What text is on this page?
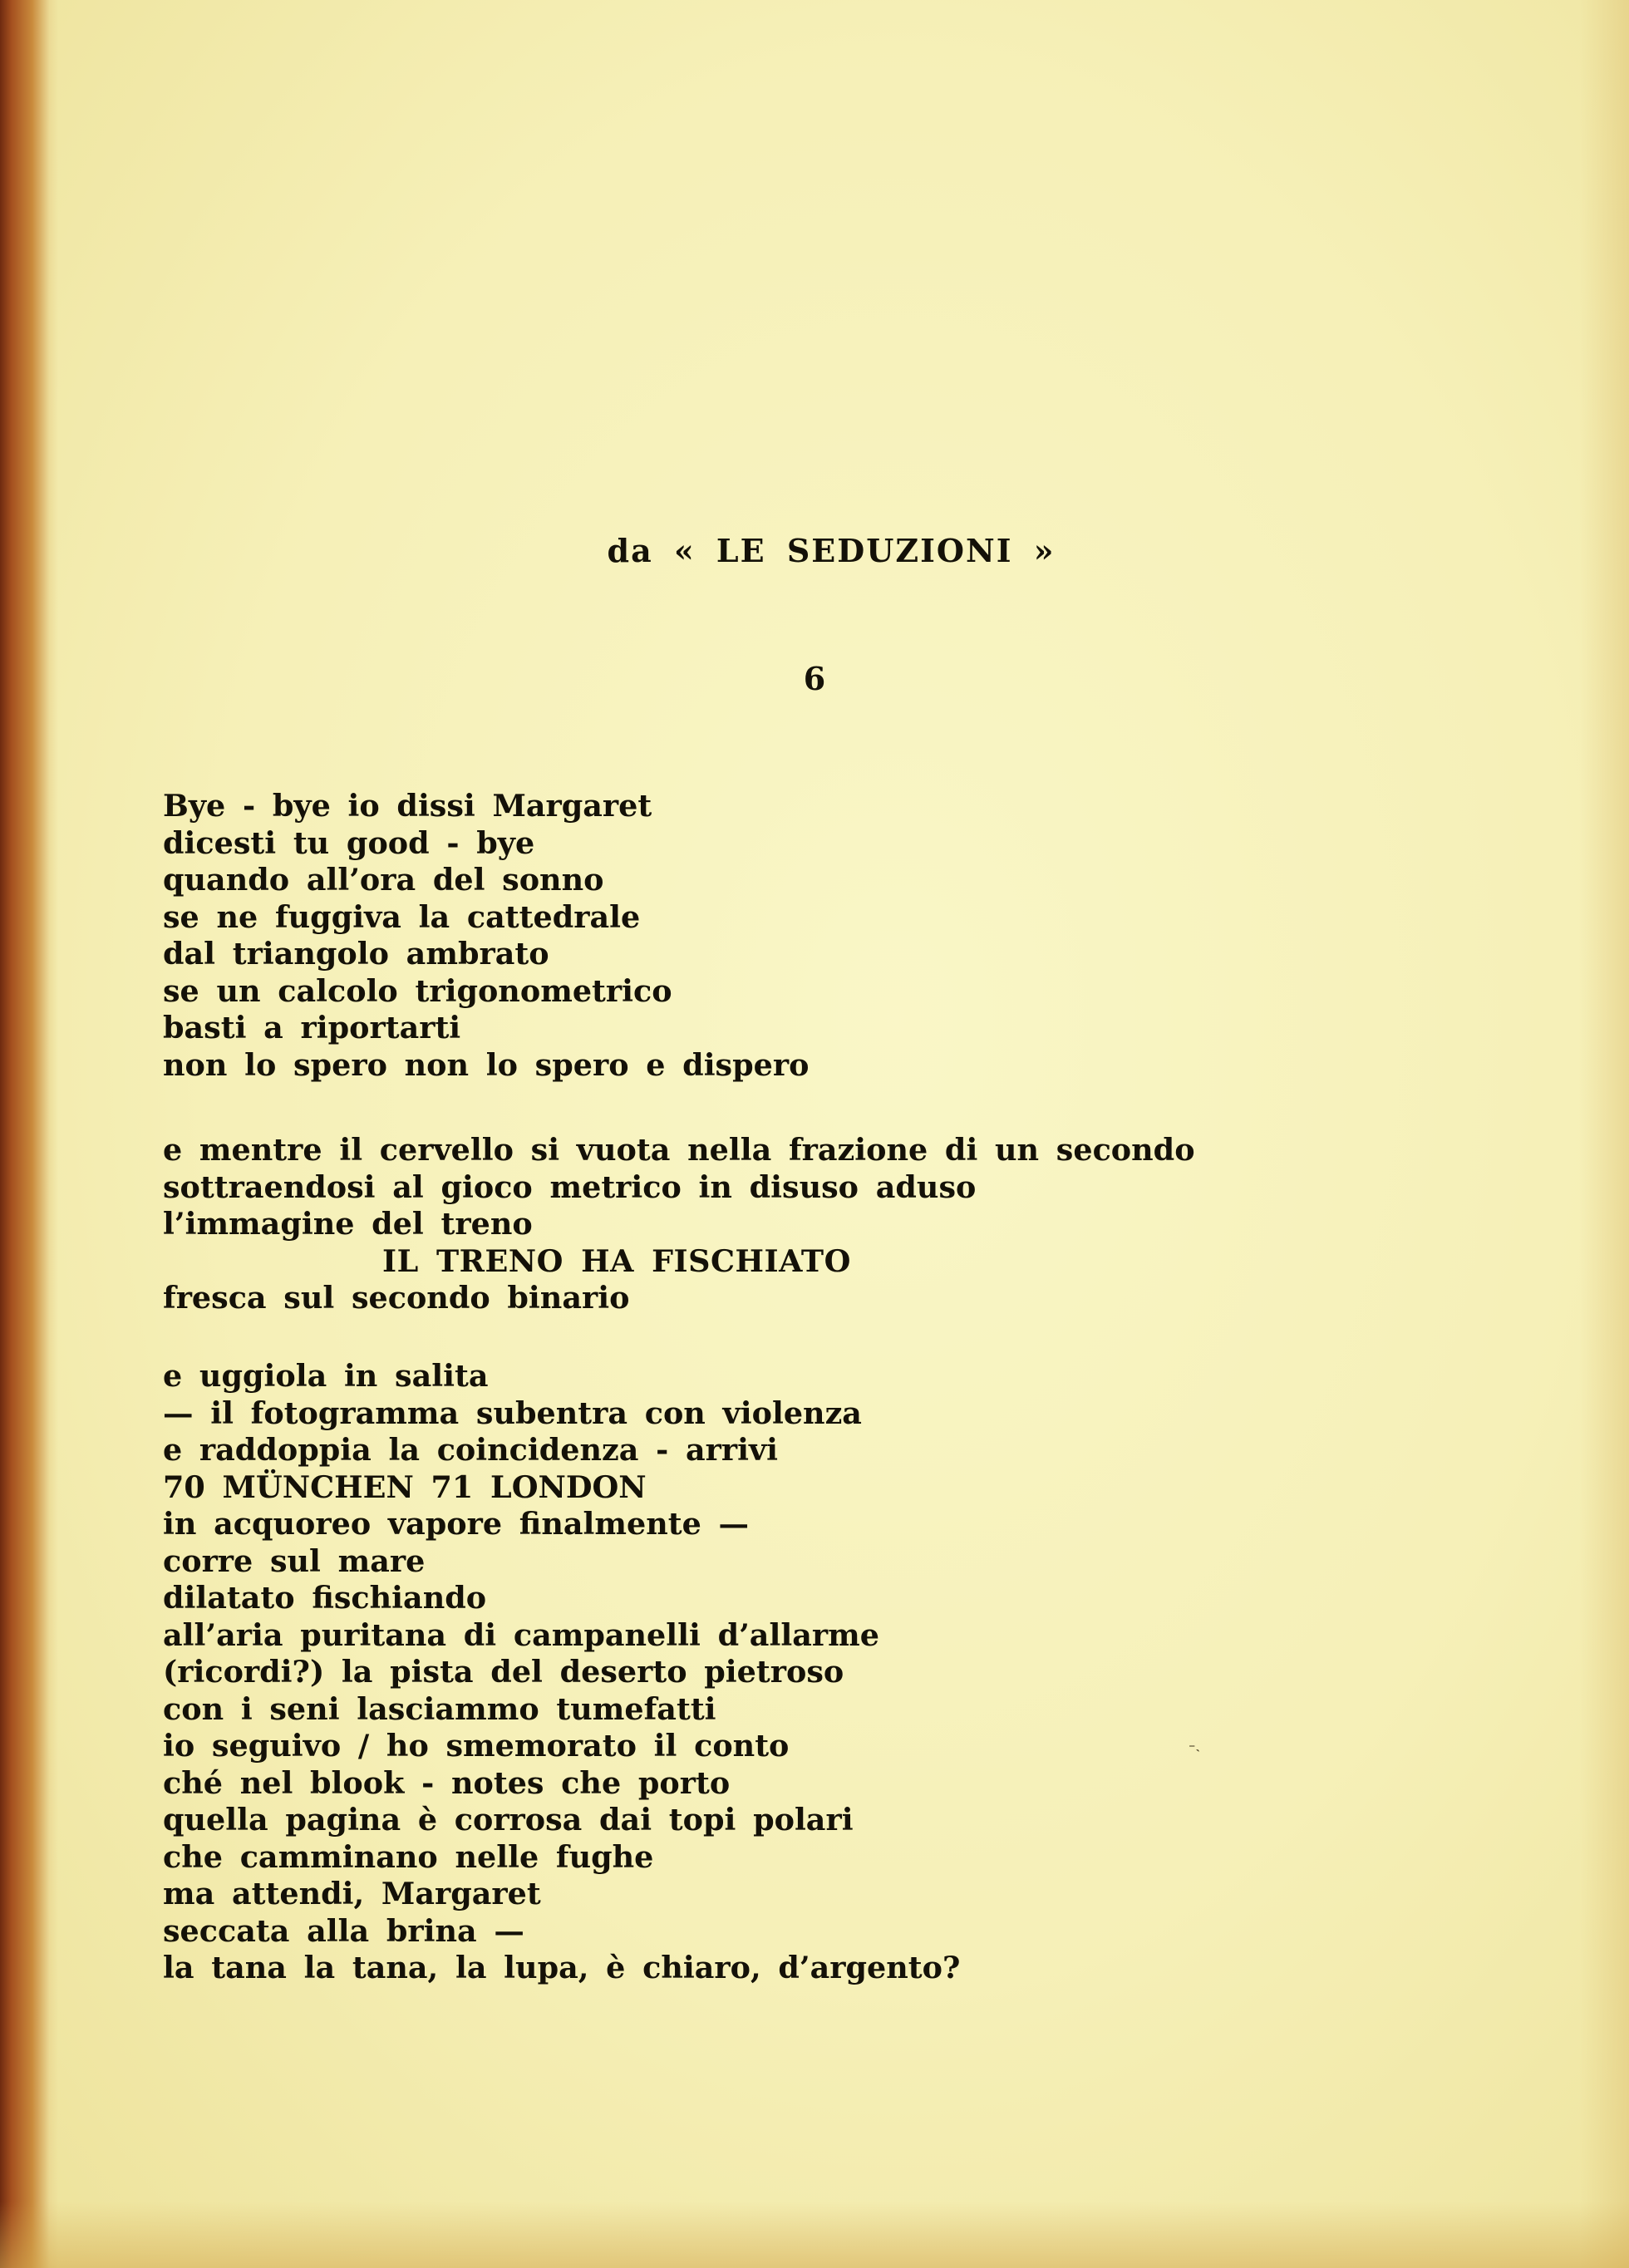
da « LE SEDUZIONI »
6
Bye - bye io dissi Margaret
dicesti tu good - bye
quando all’ora del sonno
se ne fuggiva la cattedrale
dal triangolo ambrato
se un calcolo trigonometrico
basti a riportarti
non lo spero non lo spero e dispero
e mentre il cervello si vuota nella frazione di un secondo
sottraendosi al gioco metrico in disuso aduso
l’immagine del treno
IL TRENO HA FISCHIATO
fresca sul secondo binario
e uggiola in salita
— il fotogramma subentra con violenza
e raddoppia la coincidenza - arrivi
70 MÜNCHEN 71 LONDON
in acquoreo vapore finalmente —
corre sul mare
dilatato fischiando
all’aria puritana di campanelli d’allarme
(ricordi?) la pista del deserto pietroso
con i seni lasciammo tumefatti
io seguivo / ho smemorato il conto
ché nel blook - notes che porto
quella pagina è corrosa dai topi polari
che camminano nelle fughe
ma attendi, Margaret
seccata alla brina —
la tana la tana, la lupa, è chiaro, d’argento?
⁻˴
